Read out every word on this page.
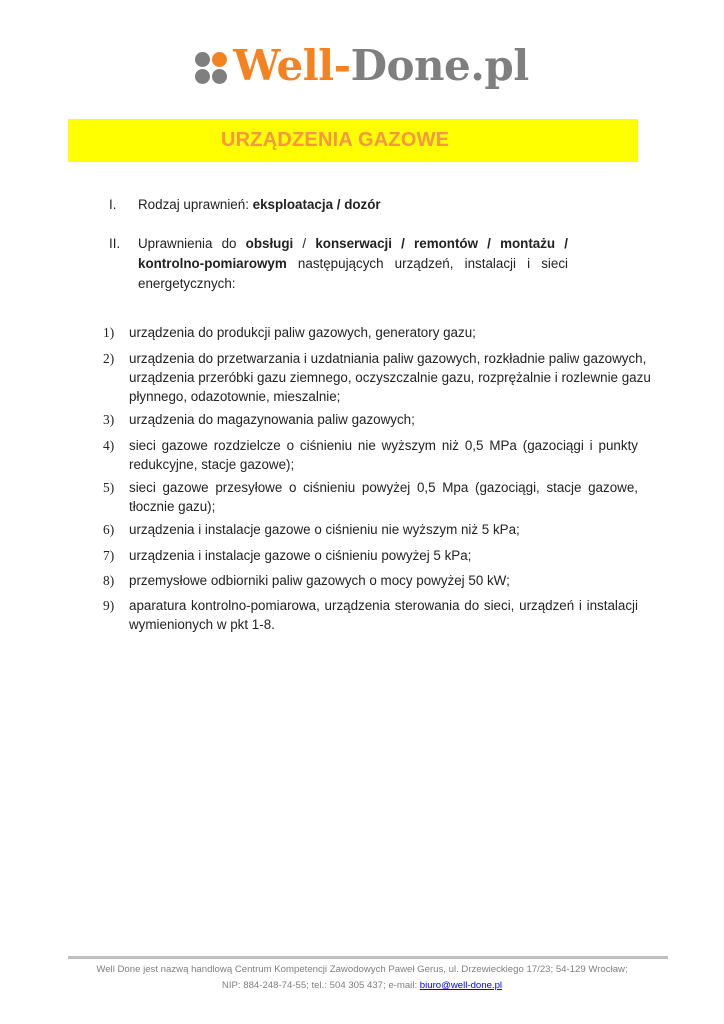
Well-Done.pl
URZĄDZENIA GAZOWE
I. Rodzaj uprawnień: eksploatacja / dozór
II. Uprawnienia do obsługi / konserwacji / remontów / montażu /
kontrolno-pomiarowym następujących urządzeń, instalacji i sieci
energetycznych:
1) urządzenia do produkcji paliw gazowych, generatory gazu;
2) urządzenia do przetwarzania i uzdatniania paliw gazowych, rozkładnie paliw gazowych,
urządzenia przeróbki gazu ziemnego, oczyszczalnie gazu, rozprężalnie i rozlewnie gazu
płynnego, odazotownie, mieszalnie;
3) urządzenia do magazynowania paliw gazowych;
4) sieci gazowe rozdzielcze o ciśnieniu nie wyższym niż 0,5 MPa (gazociągi i punkty
redukcyjne, stacje gazowe);
5) sieci gazowe przesyłowe o ciśnieniu powyżej 0,5 Mpa (gazociągi, stacje gazowe,
tłocznie gazu);
6) urządzenia i instalacje gazowe o ciśnieniu nie wyższym niż 5 kPa;
7) urządzenia i instalacje gazowe o ciśnieniu powyżej 5 kPa;
8) przemysłowe odbiorniki paliw gazowych o mocy powyżej 50 kW;
9) aparatura kontrolno-pomiarowa, urządzenia sterowania do sieci, urządzeń i instalacji
wymienionych w pkt 1-8.
Well Done jest nazwą handlową Centrum Kompetencji Zawodowych Paweł Gerus, ul. Drzewieckiego 17/23; 54-129 Wrocław;
NIP: 884-248-74-55; tel.: 504 305 437; e-mail: biuro@well-done.pl
